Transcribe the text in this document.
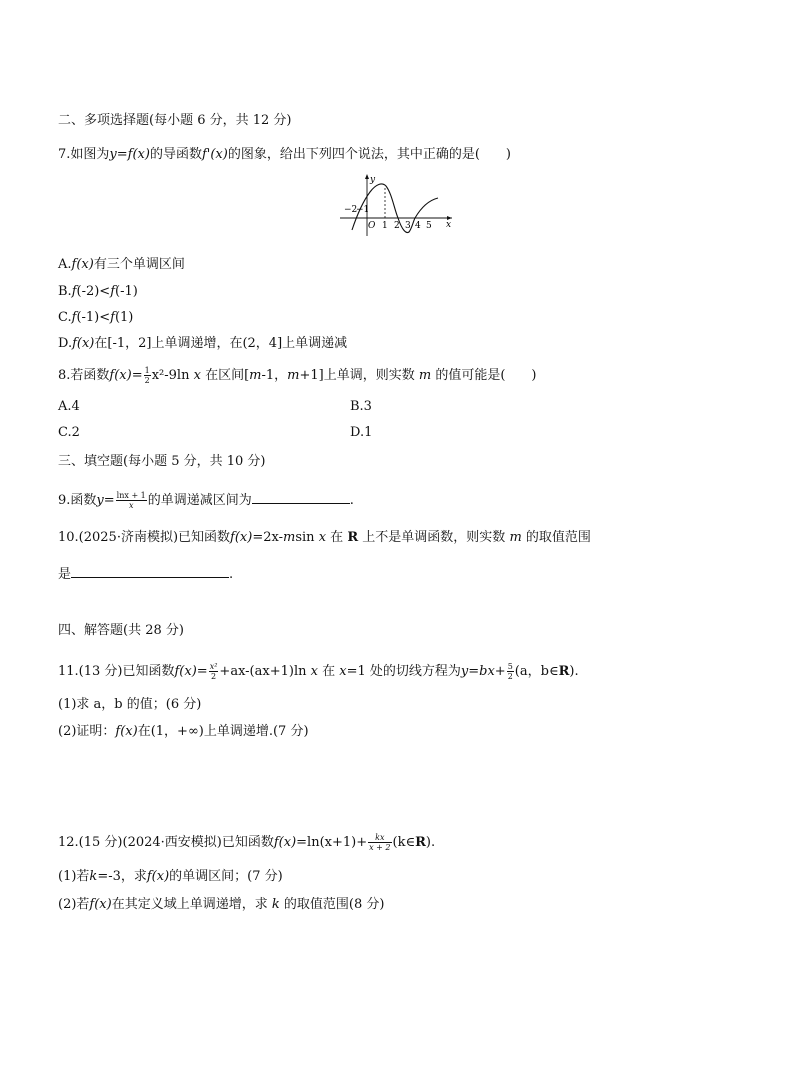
二、多项选择题(每小题 6 分，共 12 分)
7.如图为y=f(x)的导函数f'(x)的图象，给出下列四个说法，其中正确的是(　　)
y
x
O
−2
−1
1 2 3 4 5
A.f(x)有三个单调区间
B.f(-2)<f(-1)
C.f(-1)<f(1)
D.f(x)在[-1，2]上单调递增，在(2，4]上单调递减
8.若函数$f(x)= \frac{1}{2} x^2-9\ln$ x 在区间[m-1，m+1]上单调，则实数 m 的值可能是(　　)
A.4	B.3
C.2	D.1
三、填空题(每小题 5 分，共 10 分)
9.函数$y= \frac{\ln x + 1}{x}$ 的单调递减区间为	.
10.(2025·济南模拟)已知函数f(x)=2x-msin x 在 R 上不是单调函数，则实数 m 的取值范围
是	.
四、解答题(共 28 分)
11.(13 分)已知函数$f(x)= \frac{\text{x²}}{2} +ax-(ax+1)\ln$ x 在 x=1 处的切线方程为$y=bx+ \frac{5}{2} (a$，b∈R).
(1)求 a，b 的值；(6 分)
(2)证明：f(x)在(1，+∞)上单调递增.(7 分)
12.(15 分)(2024·西安模拟)已知函数$f(x)=\ln(x+1)+ \frac{kx}{x + 2}$ (k∈R).
(1)若k=-3，求f(x)的单调区间；(7 分)
(2)若f(x)在其定义域上单调递增，求 k 的取值范围(8 分)
